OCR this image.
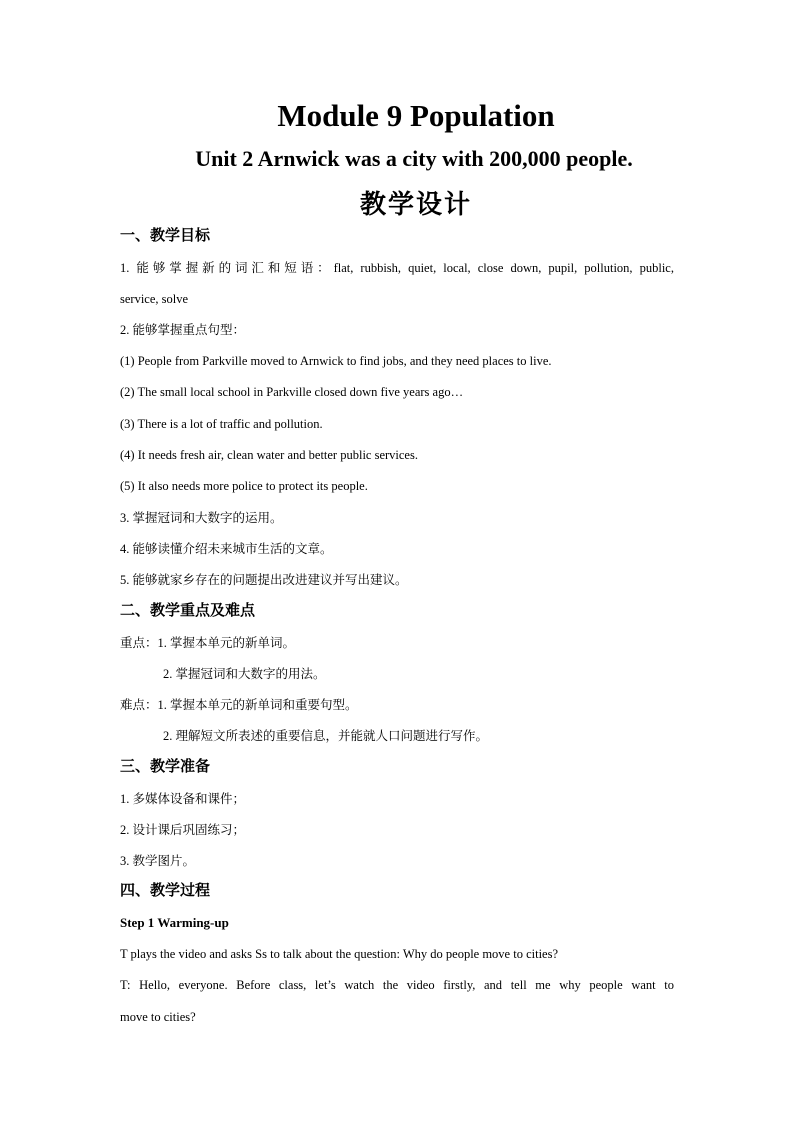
Module 9 Population
Unit 2 Arnwick was a city with 200,000 people.
教学设计
一、教学目标
1. 能够掌握新的词汇和短语：flat, rubbish, quiet, local, close down, pupil, pollution, public,
service, solve
2. 能够掌握重点句型：
(1) People from Parkville moved to Arnwick to find jobs, and they need places to live.
(2) The small local school in Parkville closed down five years ago…
(3) There is a lot of traffic and pollution.
(4) It needs fresh air, clean water and better public services.
(5) It also needs more police to protect its people.
3. 掌握冠词和大数字的运用。
4. 能够读懂介绍未来城市生活的文章。
5. 能够就家乡存在的问题提出改进建议并写出建议。
二、教学重点及难点
重点：1. 掌握本单元的新单词。
2. 掌握冠词和大数字的用法。
难点：1. 掌握本单元的新单词和重要句型。
2. 理解短文所表述的重要信息，并能就人口问题进行写作。
三、教学准备
1. 多媒体设备和课件；
2. 设计课后巩固练习；
3. 教学图片。
四、教学过程
Step 1 Warming-up
T plays the video and asks Ss to talk about the question: Why do people move to cities?
T: Hello, everyone. Before class, let’s watch the video firstly, and tell me why people want to
move to cities?
